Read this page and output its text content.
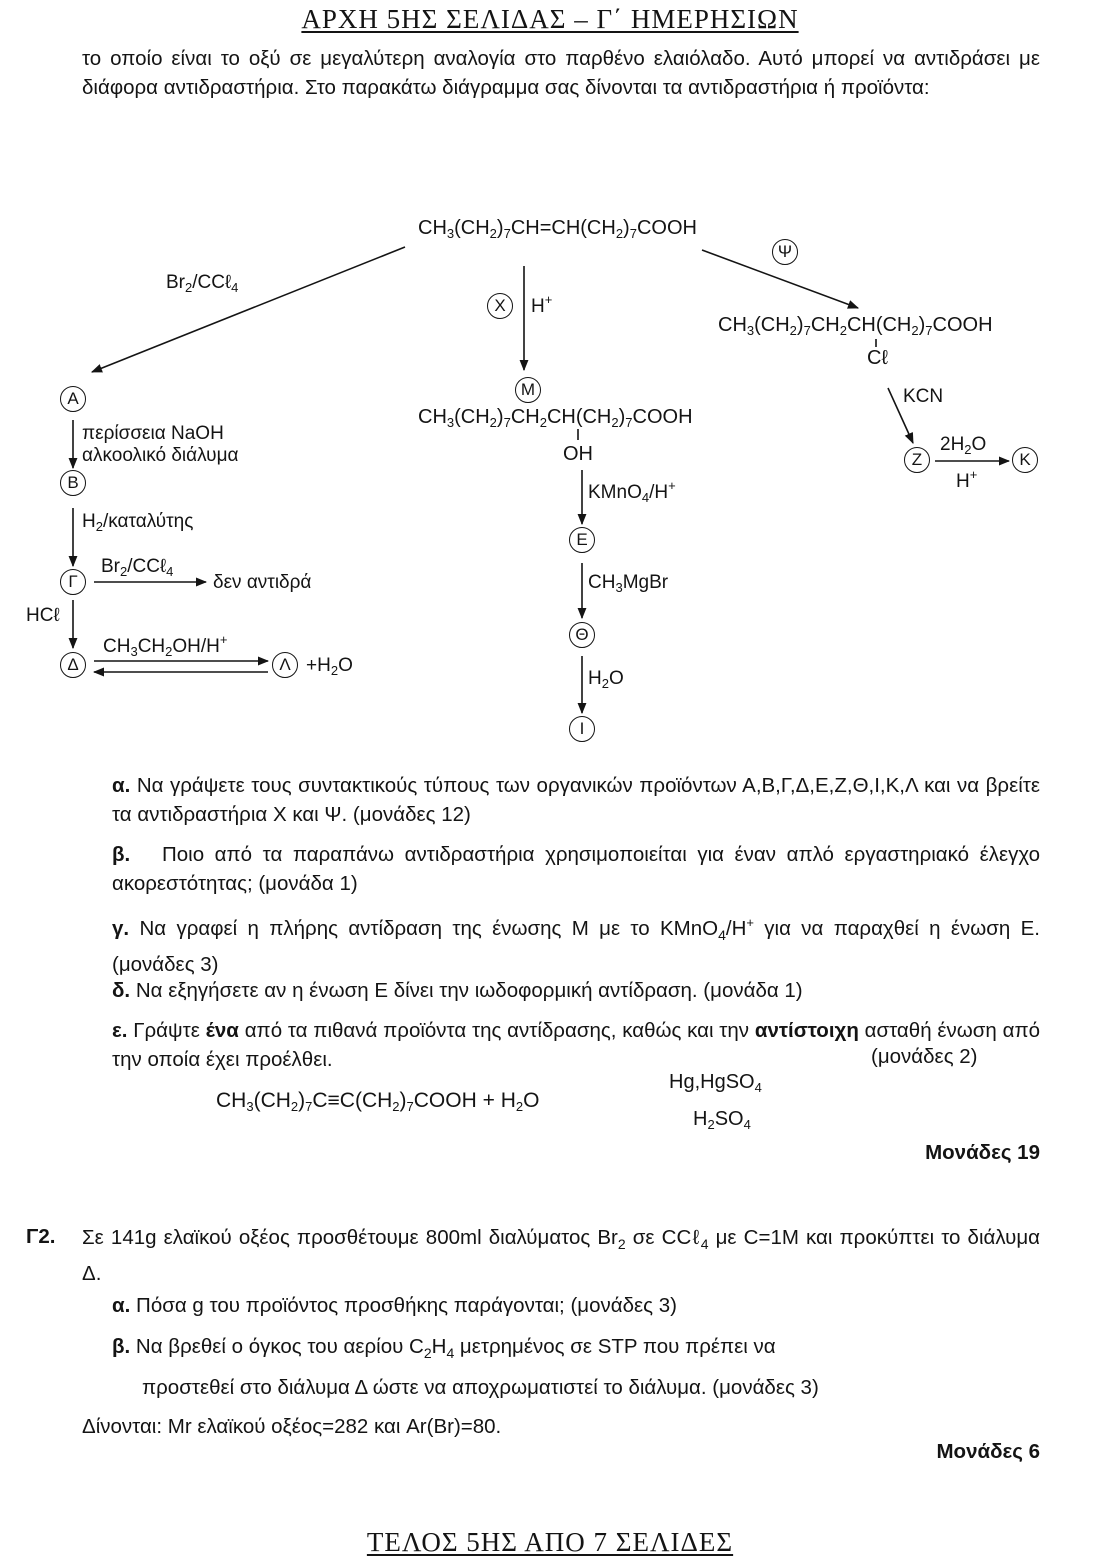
ΑΡΧΗ 5ΗΣ ΣΕΛΙΔΑΣ – Γ΄ ΗΜΕΡΗΣΙΩΝ
το οποίο είναι το οξύ σε μεγαλύτερη αναλογία στο παρθένο ελαιόλαδο. Αυτό μπορεί να αντιδράσει με διάφορα αντιδραστήρια. Στο παρακάτω διάγραμμα σας δίνονται τα αντιδραστήρια ή προϊόντα:
$CH_3(CH_2)_7CH=CH(CH_2)_7COOH$
$Br_2/CC\ell_4$
Χ	H+
Ψ
$CH_3(CH_2)_7CH_2CH(CH_2)_7COOH$
Cℓ
KCN
Ζ
$2H_2O$
H+
Κ
Μ
$CH_3(CH_2)_7CH_2CH(CH_2)_7COOH$
OH
KMnO$_4$/H+
Ε
$CH_3MgBr$
Θ
$H_2O$
Ι
Α
περίσσεια NaOH
αλκοολικό διάλυμα
Β
$H_2$/καταλύτης
Γ
$Br_2/CC\ell_4$
δεν αντιδρά
HCℓ
Δ
$CH_3CH_2OH/H^+$
$\Lambda +H_2O$
α. Να γράψετε τους συντακτικούς τύπους των οργανικών προϊόντων Α,Β,Γ,Δ,Ε,Ζ,Θ,Ι,Κ,Λ και να βρείτε τα αντιδραστήρια Χ και Ψ. (μονάδες 12)
β. Ποιο από τα παραπάνω αντιδραστήρια χρησιμοποιείται για έναν απλό εργαστηριακό έλεγχο ακορεστότητας; (μονάδα 1)
γ. Να γραφεί η πλήρης αντίδραση της ένωσης Μ με το KMnO$_4$/H+ για να παραχθεί η ένωση Ε. (μονάδες 3)
δ. Να εξηγήσετε αν η ένωση Ε δίνει την ιωδοφορμική αντίδραση. (μονάδα 1)
ε. Γράψτε ένα από τα πιθανά προϊόντα της αντίδρασης, καθώς και την αντίστοιχη ασταθή ένωση από την οποία έχει προέλθει.	(μονάδες 2)
$CH_3(CH_2)_7C\equiv C(CH_2)_7COOH + H_2O$
Hg,HgSO$_4$
$H_2SO_4$
Μονάδες 19
Γ2. Σε 141g ελαϊκού οξέος προσθέτουμε 800ml διαλύματος $Br_2$ σε CCℓ$_4$ με C=1M και προκύπτει το διάλυμα Δ.
α. Πόσα g του προϊόντος προσθήκης παράγονται; (μονάδες 3)
β. Να βρεθεί ο όγκος του αερίου $C_2H_4$ μετρημένος σε STP που πρέπει να
προστεθεί στο διάλυμα Δ ώστε να αποχρωματιστεί το διάλυμα. (μονάδες 3)
Δίνονται: Mr ελαϊκού οξέος=282 και Ar(Br)=80.
Μονάδες 6
ΤΕΛΟΣ 5ΗΣ ΑΠΟ 7 ΣΕΛΙΔΕΣ
